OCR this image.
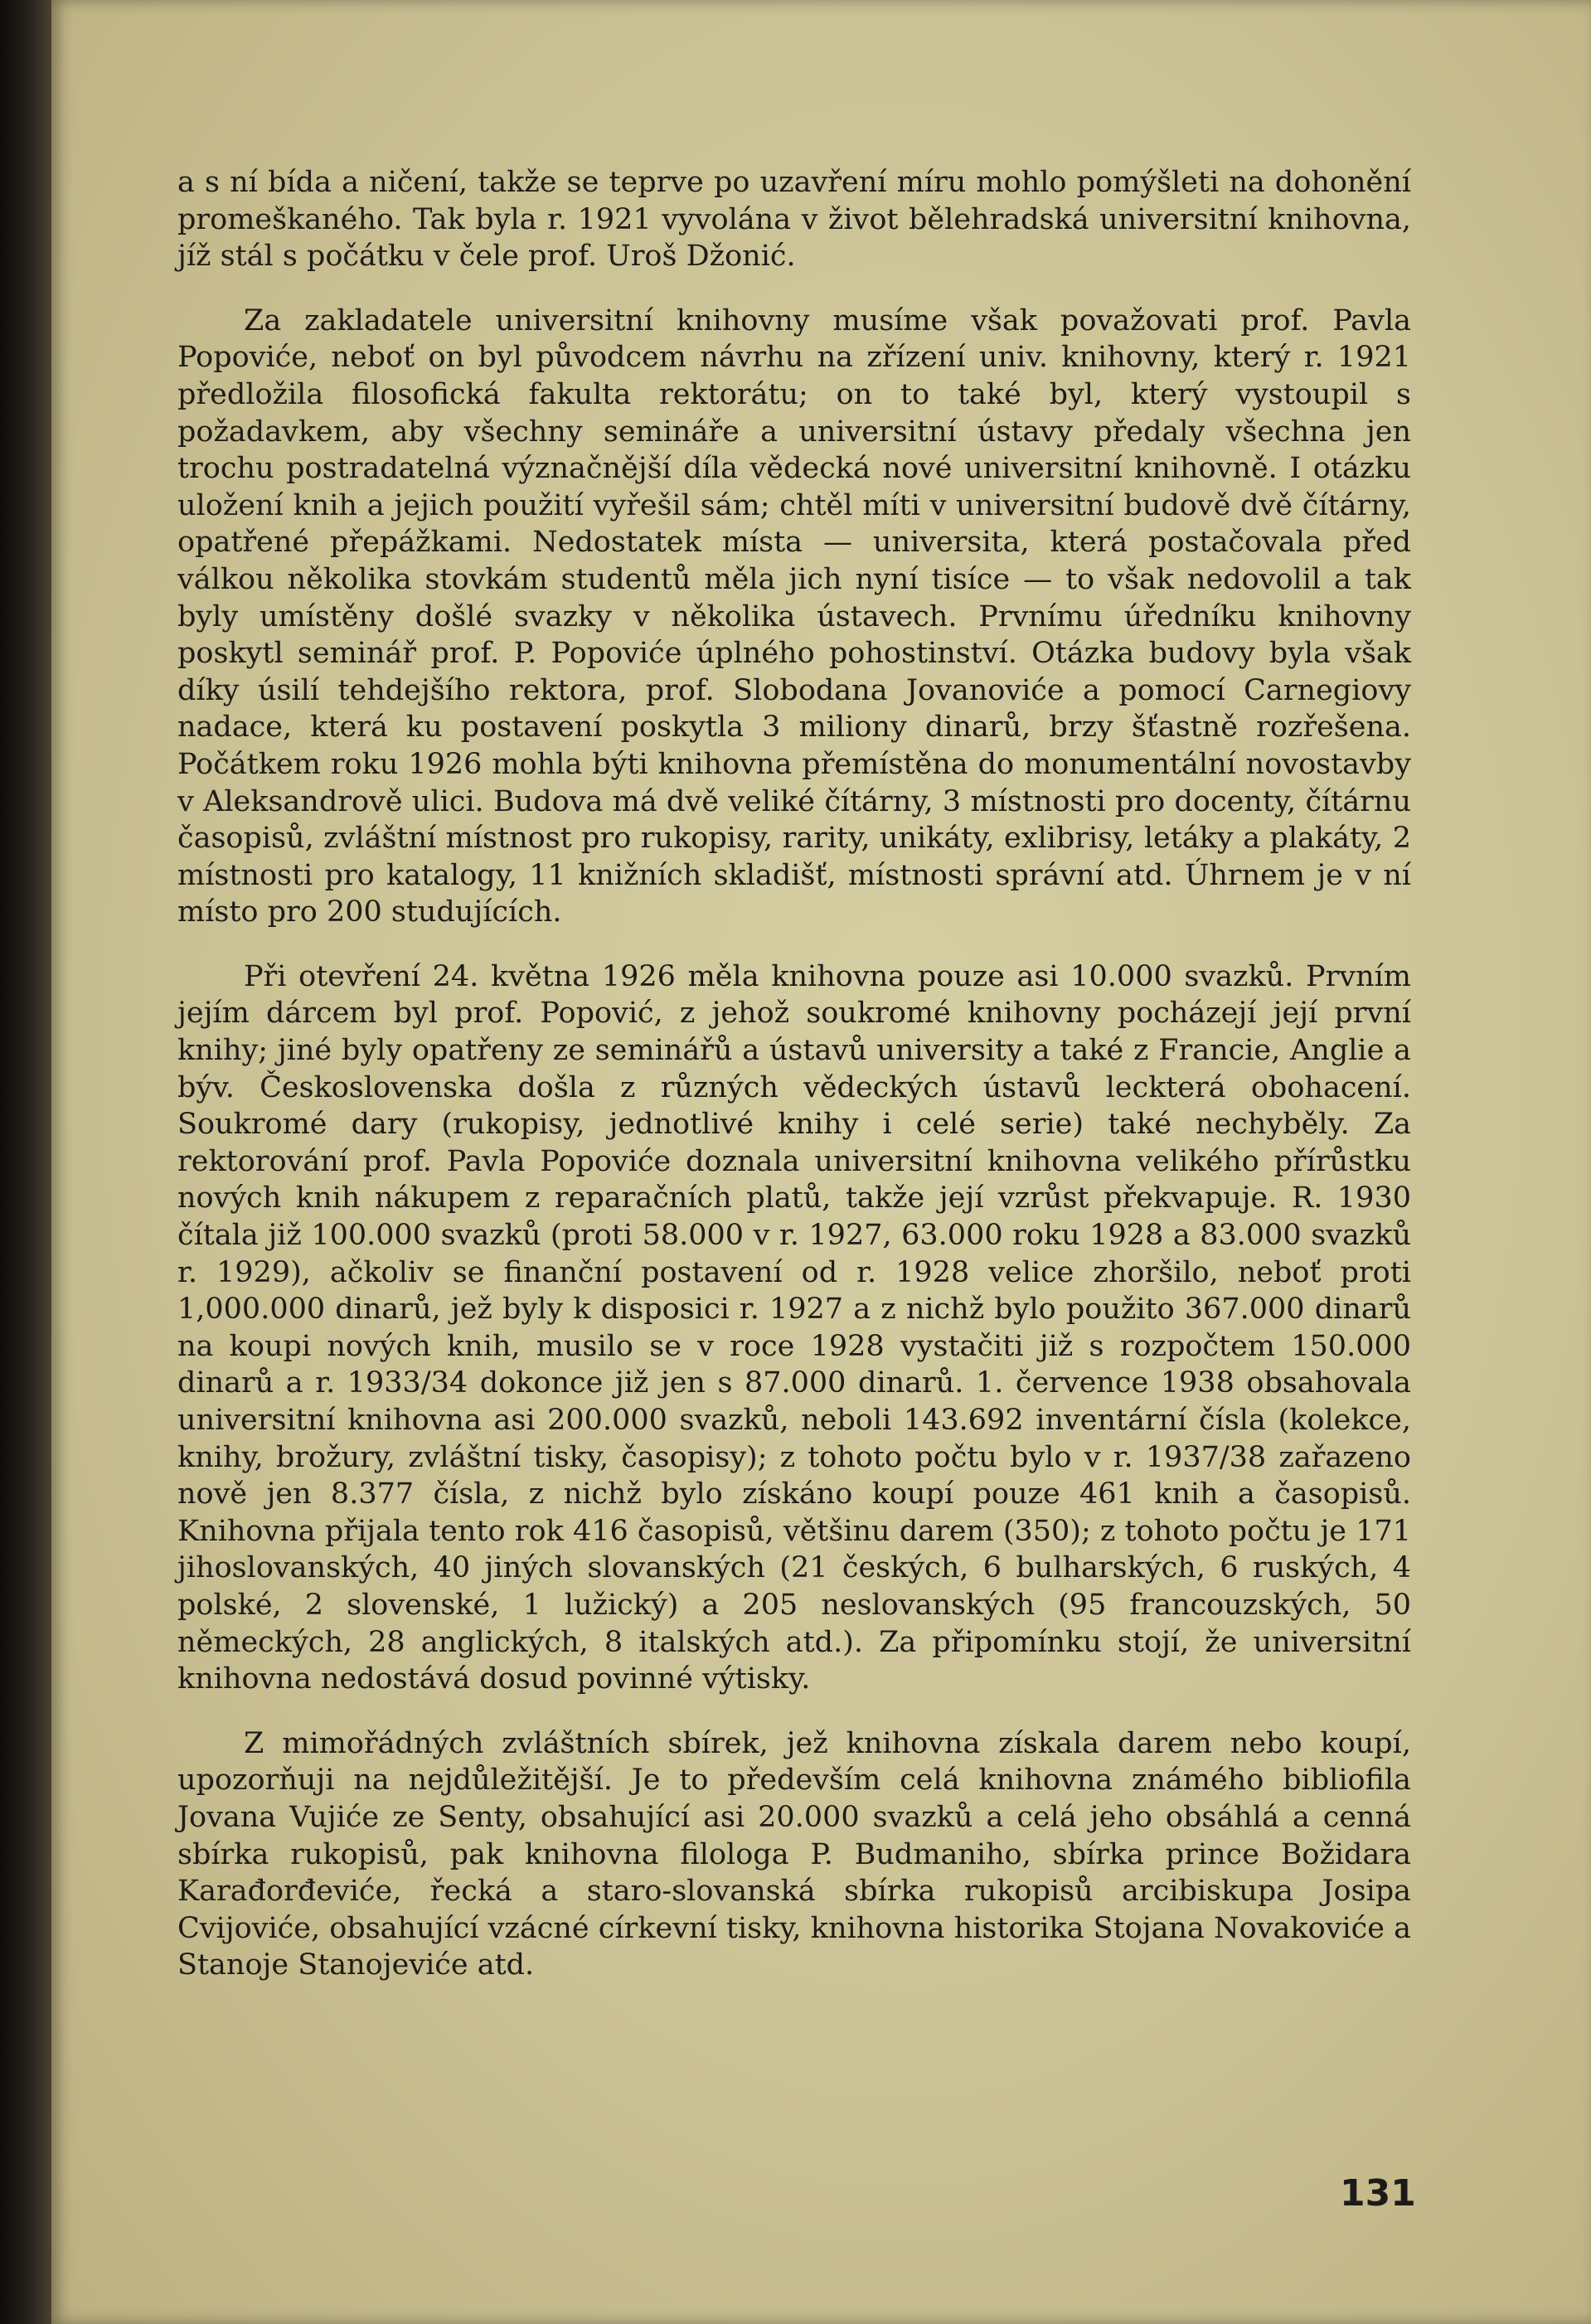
a s ní bída a ničení, takže se teprve po uzavření míru mohlo pomýšleti na dohonění promeškaného. Tak byla r. 1921 vyvolána v život bělehradská universitní knihovna, jíž stál s počátku v čele prof. Uroš Džonić.

Za zakladatele universitní knihovny musíme však považovati prof. Pavla Popoviće, neboť on byl původcem návrhu na zřízení univ. knihovny, který r. 1921 předložila filosofická fakulta rektorátu; on to také byl, který vystoupil s požadavkem, aby všechny semináře a universitní ústavy předaly všechna jen trochu postradatelná význačnější díla vědecká nové universitní knihovně. I otázku uložení knih a jejich použití vyřešil sám; chtěl míti v universitní budově dvě čítárny, opatřené přepážkami. Nedostatek místa — universita, která postačovala před válkou několika stovkám studentů měla jich nyní tisíce — to však nedovolil a tak byly umístěny došlé svazky v několika ústavech. Prvnímu úředníku knihovny poskytl seminář prof. P. Popoviće úplného pohostinství. Otázka budovy byla však díky úsilí tehdejšího rektora, prof. Slobodana Jovanoviće a pomocí Carnegiovy nadace, která ku postavení poskytla 3 miliony dinarů, brzy šťastně rozřešena. Počátkem roku 1926 mohla býti knihovna přemístěna do monumentální novostavby v Aleksandrově ulici. Budova má dvě veliké čítárny, 3 místnosti pro docenty, čítárnu časopisů, zvláštní místnost pro rukopisy, rarity, unikáty, exlibrisy, letáky a plakáty, 2 místnosti pro katalogy, 11 knižních skladišť, místnosti správní atd. Úhrnem je v ní místo pro 200 studujících.

Při otevření 24. května 1926 měla knihovna pouze asi 10.000 svazků. Prvním jejím dárcem byl prof. Popović, z jehož soukromé knihovny pocházejí její první knihy; jiné byly opatřeny ze seminářů a ústavů university a také z Francie, Anglie a býv. Československa došla z různých vědeckých ústavů leckterá obohacení. Soukromé dary (rukopisy, jednotlivé knihy i celé serie) také nechyběly. Za rektorování prof. Pavla Popoviće doznala universitní knihovna velikého přírůstku nových knih nákupem z reparačních platů, takže její vzrůst překvapuje. R. 1930 čítala již 100.000 svazků (proti 58.000 v r. 1927, 63.000 roku 1928 a 83.000 svazků r. 1929), ačkoliv se finanční postavení od r. 1928 velice zhoršilo, neboť proti 1,000.000 dinarů, jež byly k disposici r. 1927 a z nichž bylo použito 367.000 dinarů na koupi nových knih, musilo se v roce 1928 vystačiti již s rozpočtem 150.000 dinarů a r. 1933/34 dokonce již jen s 87.000 dinarů. 1. července 1938 obsahovala universitní knihovna asi 200.000 svazků, neboli 143.692 inventární čísla (kolekce, knihy, brožury, zvláštní tisky, časopisy); z tohoto počtu bylo v r. 1937/38 zařazeno nově jen 8.377 čísla, z nichž bylo získáno koupí pouze 461 knih a časopisů. Knihovna přijala tento rok 416 časopisů, většinu darem (350); z tohoto počtu je 171 jihoslovanských, 40 jiných slovanských (21 českých, 6 bulharských, 6 ruských, 4 polské, 2 slovenské, 1 lužický) a 205 neslovanských (95 francouzských, 50 německých, 28 anglických, 8 italských atd.). Za připomínku stojí, že universitní knihovna nedostává dosud povinné výtisky.

Z mimořádných zvláštních sbírek, jež knihovna získala darem nebo koupí, upozorňuji na nejdůležitější. Je to především celá knihovna známého bibliofila Jovana Vujiće ze Senty, obsahující asi 20.000 svazků a celá jeho obsáhlá a cenná sbírka rukopisů, pak knihovna filologa P. Budmaniho, sbírka prince Božidara Karađorđeviće, řecká a staro-slovanská sbírka rukopisů arcibiskupa Josipa Cvijoviće, obsahující vzácné církevní tisky, knihovna historika Stojana Novakoviće a Stanoje Stanojeviće atd.

131
